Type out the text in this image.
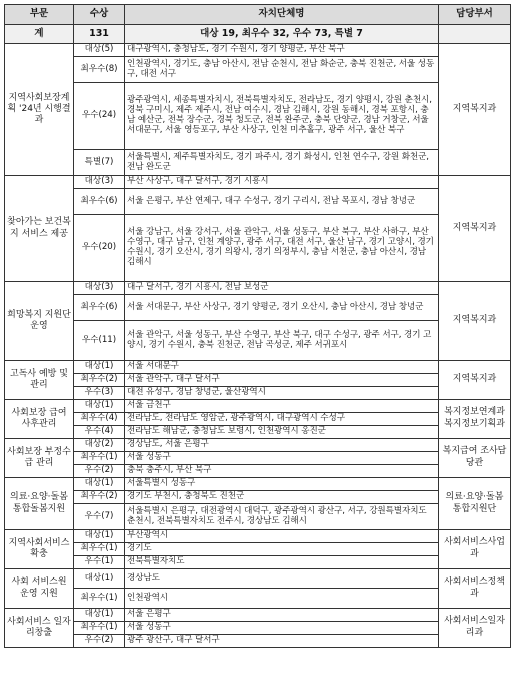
부문	수상	자치단체명	담당부서
계	131	대상 19, 최우수 32, 우수 73, 특별 7	
지역사회보장계획 '24년 시행결과	대상(5)	대구광역시, 충청남도, 경기 수원시, 경기 양평군, 부산 북구	지역복지과
	최우수(8)	인천광역시, 경기도, 충남 아산시, 전남 순천시, 전남 화순군, 충북 진천군, 서울 성동구, 대전 서구	
	우수(24)	광주광역시, 세종특별자치시, 전북특별자치도, 전라남도, 경기 양평시, 강원 춘천시, 경북 구미시, 제주 제주시, 전남 여수시, 경남 김해시, 강원 동해시, 경북 포항시, 충남 예산군, 전북 장수군, 경북 청도군, 전북 완주군, 충북 단양군, 경남 거창군, 서울 서대문구, 서울 영등포구, 부산 사상구, 인천 미추홀구, 광주 서구, 울산 북구	
	특별(7)	서울특별시, 제주특별자치도, 경기 파주시, 경기 화성시, 인천 연수구, 강원 화천군, 전남 완도군	
찾아가는 보건복지 서비스 제공	대상(3)	부산 사상구, 대구 달서구, 경기 시흥시	지역복지과
	최우수(6)	서울 은평구, 부산 연제구, 대구 수성구, 경기 구리시, 전남 목포시, 경남 창녕군	
	우수(20)	서울 강남구, 서울 강서구, 서울 관악구, 서울 성동구, 부산 북구, 부산 사하구, 부산 수영구, 대구 남구, 인천 계양구, 광주 서구, 대전 서구, 울산 남구, 경기 고양시, 경기 수원시, 경기 오산시, 경기 의왕시, 경기 의정부시, 충남 서천군, 충남 아산시, 경남 김해시	
희망복지 지원단 운영	대상(3)	대구 달서구, 경기 시흥시, 전남 보성군	지역복지과
	최우수(6)	서울 서대문구, 부산 사상구, 경기 양평군, 경기 오산시, 충남 아산시, 경남 창녕군	
	우수(11)	서울 관악구, 서울 성동구, 부산 수영구, 부산 북구, 대구 수성구, 광주 서구, 경기 고양시, 경기 수원시, 충북 진천군, 전남 곡성군, 제주 서귀포시	
고독사 예방 및 관리	대상(1)	서울 서대문구	지역복지과
	최우수(2)	서울 관악구, 대구 달서구	
	우수(3)	대전 유성구, 경남 창녕군, 울산광역시	
사회보장 급여 사후관리	대상(1)	서울 금천구	복지정보연계과 복지정보기획과
	최우수(4)	전라남도, 전라남도 영암군, 광주광역시, 대구광역시 수성구	
	우수(4)	전라남도 해남군, 충청남도 보령시, 인천광역시 옹진군	
사회보장 부정수급 관리	대상(2)	경상남도, 서울 은평구	복지급여 조사담당관
	최우수(1)	서울 성동구	
	우수(2)	충북 충주시, 부산 북구	
의료·요양·돌봄 통합돌봄지원	대상(1)	서울특별시 성동구	의료·요양·돌봄 통합지원단
	최우수(2)	경기도 부천시, 충청북도 진천군	
	우수(7)	서울특별시 은평구, 대전광역시 대덕구, 광주광역시 광산구, 서구, 강원특별자치도 춘천시, 전북특별자치도 전주시, 경상남도 김해시	
지역사회서비스 확충	대상(1)	부산광역시	사회서비스사업과
	최우수(1)	경기도	
	우수(1)	전북특별자치도	
사회 서비스원 운영 지원	대상(1)	경상남도	사회서비스정책과
	최우수(1)	인천광역시	
사회서비스 일자리창출	대상(1)	서울 은평구	사회서비스일자리과
	최우수(1)	서울 성동구	
	우수(2)	광주 광산구, 대구 달서구	
